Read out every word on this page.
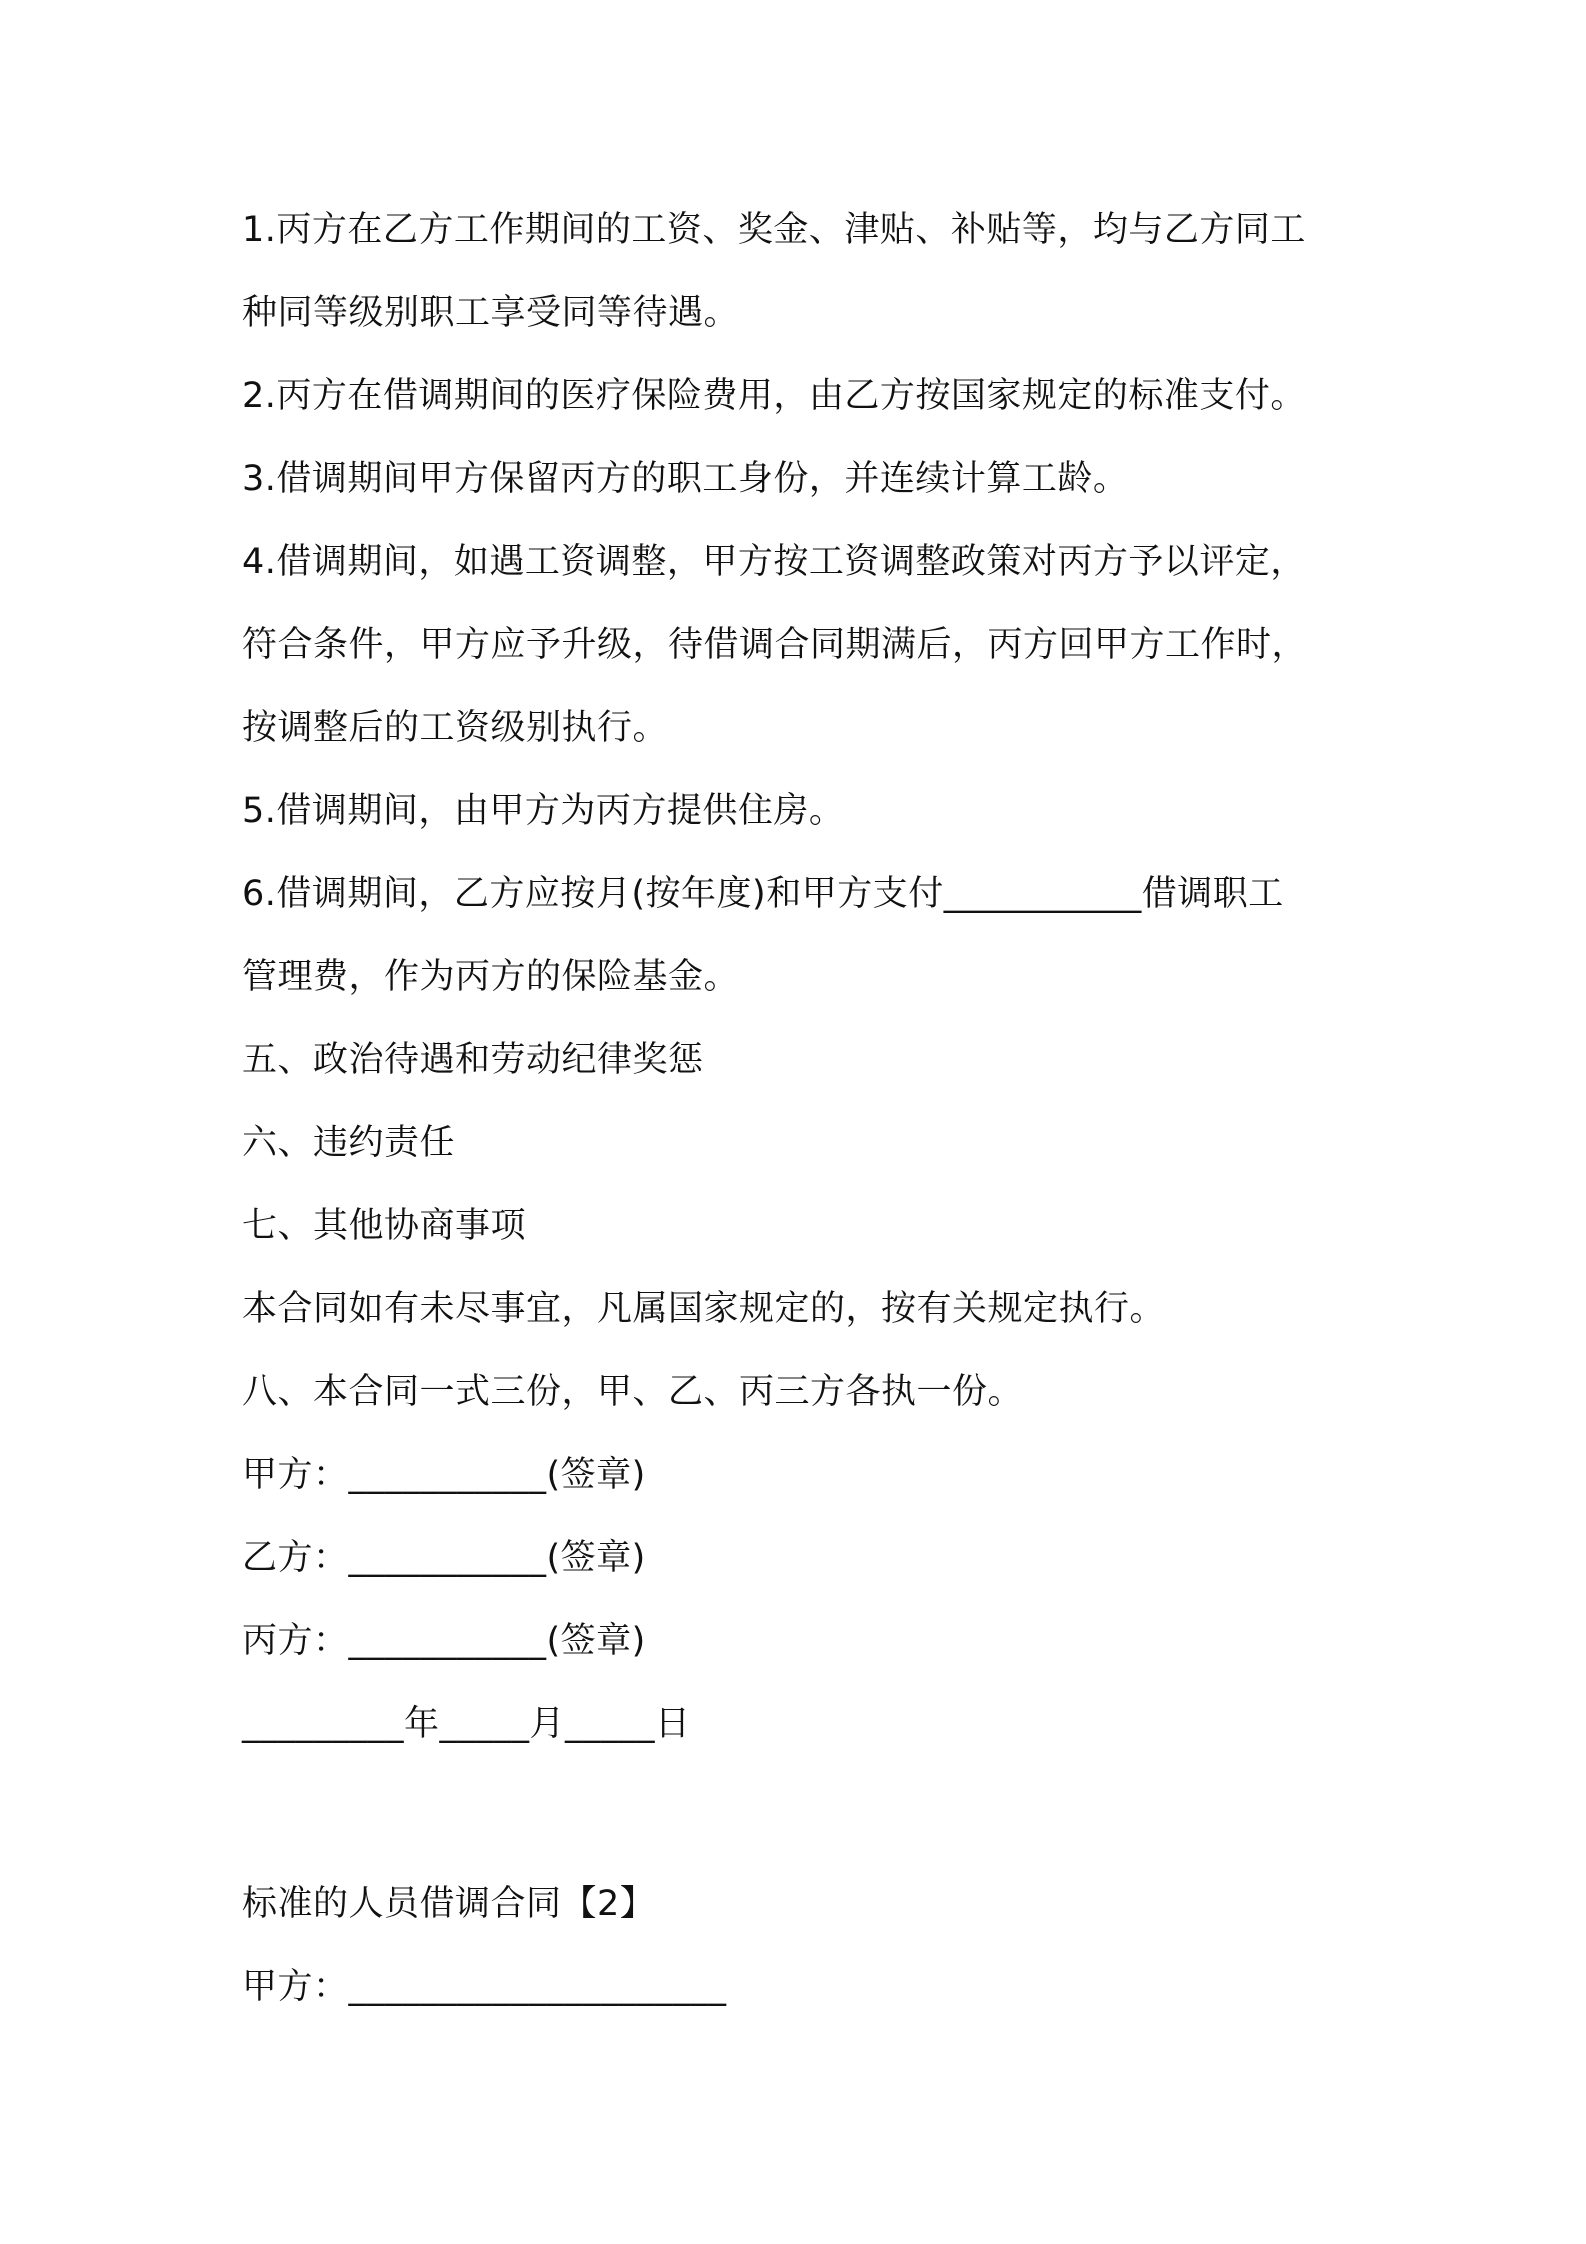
1.丙方在乙方工作期间的工资、奖金、津贴、补贴等，均与乙方同工
种同等级别职工享受同等待遇。
2.丙方在借调期间的医疗保险费用，由乙方按国家规定的标准支付。
3.借调期间甲方保留丙方的职工身份，并连续计算工龄。
4.借调期间，如遇工资调整，甲方按工资调整政策对丙方予以评定，
符合条件，甲方应予升级，待借调合同期满后，丙方回甲方工作时，
按调整后的工资级别执行。
5.借调期间，由甲方为丙方提供住房。
6.借调期间，乙方应按月(按年度)和甲方支付___________借调职工
管理费，作为丙方的保险基金。
五、政治待遇和劳动纪律奖惩
六、违约责任
七、其他协商事项
本合同如有未尽事宜，凡属国家规定的，按有关规定执行。
八、本合同一式三份，甲、乙、丙三方各执一份。
甲方：___________(签章)
乙方：___________(签章)
丙方：___________(签章)
_________年_____月_____日
标准的人员借调合同【2】
甲方：_____________________
